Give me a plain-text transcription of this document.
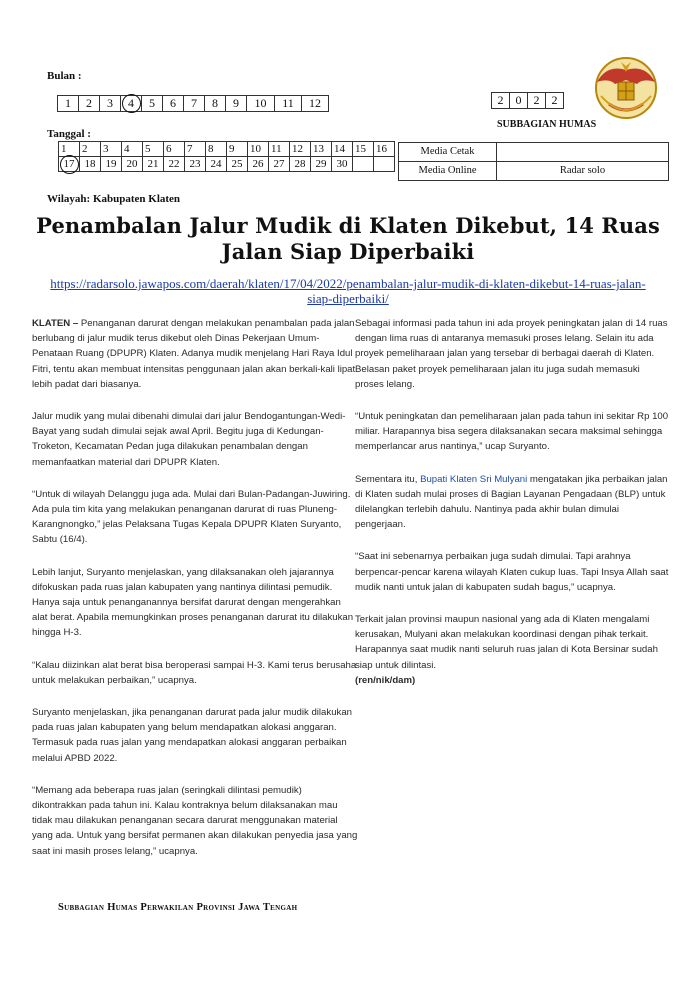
Bulan :
1	2	3	4	5	6	7	8	9	10	11	12	2	0	2	2
SUBBAGIAN HUMAS
Tanggal :
1	2	3	4	5	6	7	8	9	10	11	12	13	14	15	16

17	18	19	20	21	22	23	24	25	26	27	28	29	30		
Media Cetak	
Media Online	Radar solo
Wilayah: Kabupaten Klaten
Penambalan Jalur Mudik di Klaten Dikebut, 14 Ruas
Jalan Siap Diperbaiki
https://radarsolo.jawapos.com/daerah/klaten/17/04/2022/penambalan-jalur-mudik-di-klaten-dikebut-14-ruas-jalan-
siap-diperbaiki/

KLATEN – Penanganan darurat dengan melakukan penambalan pada jalan berlubang di jalur mudik terus dikebut oleh Dinas Pekerjaan Umum-Penataan Ruang (DPUPR) Klaten. Adanya mudik menjelang Hari Raya Idul Fitri, tentu akan membuat intensitas penggunaan jalan akan berkali-kali lipat lebih padat dari biasanya.

Jalur mudik yang mulai dibenahi dimulai dari jalur Bendogantungan-Wedi-Bayat yang sudah dimulai sejak awal April. Begitu juga di Kedungan-Troketon, Kecamatan Pedan juga dilakukan penambalan dengan memanfaatkan material dari DPUPR Klaten.

“Untuk di wilayah Delanggu juga ada. Mulai dari Bulan-Padangan-Juwiring. Ada pula tim kita yang melakukan penanganan darurat di ruas Pluneng-Karangnongko,” jelas Pelaksana Tugas Kepala DPUPR Klaten Suryanto, Sabtu (16/4).

Lebih lanjut, Suryanto menjelaskan, yang dilaksanakan oleh jajarannya difokuskan pada ruas jalan kabupaten yang nantinya dilintasi pemudik. Hanya saja untuk penanganannya bersifat darurat dengan mengerahkan alat berat. Apabila memungkinkan proses penanganan darurat itu dilakukan hingga H-3.

“Kalau diizinkan alat berat bisa beroperasi sampai H-3. Kami terus berusaha untuk melakukan perbaikan,” ucapnya.

Suryanto menjelaskan, jika penanganan darurat pada jalur mudik dilakukan pada ruas jalan kabupaten yang belum mendapatkan alokasi anggaran. Termasuk pada ruas jalan yang mendapatkan alokasi anggaran perbaikan melalui APBD 2022.

“Memang ada beberapa ruas jalan (seringkali dilintasi pemudik) dikontrakkan pada tahun ini. Kalau kontraknya belum dilaksanakan mau tidak mau dilakukan penanganan secara darurat menggunakan material yang ada. Untuk yang bersifat permanen akan dilakukan penyedia jasa yang saat ini masih proses lelang,” ucapnya.

Sebagai informasi pada tahun ini ada proyek peningkatan jalan di 14 ruas dengan lima ruas di antaranya memasuki proses lelang. Selain itu ada proyek pemeliharaan jalan yang tersebar di berbagai daerah di Klaten. Belasan paket proyek pemeliharaan jalan itu juga sudah memasuki proses lelang.

“Untuk peningkatan dan pemeliharaan jalan pada tahun ini sekitar Rp 100 miliar. Harapannya bisa segera dilaksanakan secara maksimal sehingga memperlancar arus nantinya,” ucap Suryanto.

Sementara itu, Bupati Klaten Sri Mulyani mengatakan jika perbaikan jalan di Klaten sudah mulai proses di Bagian Layanan Pengadaan (BLP) untuk dilelangkan terlebih dahulu. Nantinya pada akhir bulan dimulai pengerjaan.

“Saat ini sebenarnya perbaikan juga sudah dimulai. Tapi arahnya berpencar-pencar karena wilayah Klaten cukup luas. Tapi Insya Allah saat mudik nanti untuk jalan di kabupaten sudah bagus,” ucapnya.

Terkait jalan provinsi maupun nasional yang ada di Klaten mengalami kerusakan, Mulyani akan melakukan koordinasi dengan pihak terkait. Harapannya saat mudik nanti seluruh ruas jalan di Kota Bersinar sudah siap untuk dilintasi.
(ren/nik/dam)

Subbagian Humas Perwakilan Provinsi Jawa Tengah
